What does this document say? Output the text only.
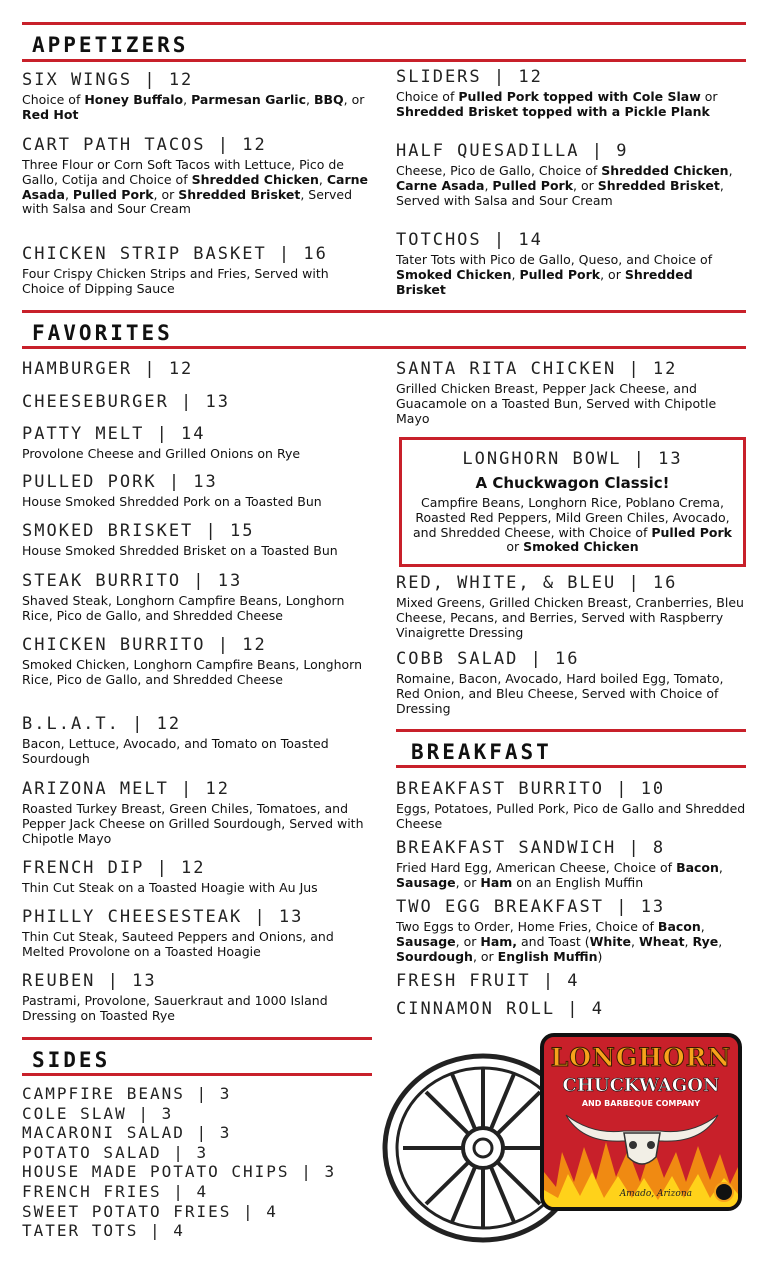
APPETIZERS
SIX WINGS | 12
Choice of Honey Buffalo, Parmesan Garlic, BBQ, or Red Hot
CART PATH TACOS | 12
Three Flour or Corn Soft Tacos with Lettuce, Pico de Gallo, Cotija and Choice of Shredded Chicken, Carne Asada, Pulled Pork, or Shredded Brisket, Served with Salsa and Sour Cream
CHICKEN STRIP BASKET | 16
Four Crispy Chicken Strips and Fries, Served with Choice of Dipping Sauce
SLIDERS | 12
Choice of Pulled Pork topped with Cole Slaw or Shredded Brisket topped with a Pickle Plank
HALF QUESADILLA | 9
Cheese, Pico de Gallo, Choice of Shredded Chicken, Carne Asada, Pulled Pork, or Shredded Brisket, Served with Salsa and Sour Cream
TOTCHOS | 14
Tater Tots with Pico de Gallo, Queso, and Choice of Smoked Chicken, Pulled Pork, or Shredded Brisket
FAVORITES
HAMBURGER | 12
CHEESEBURGER | 13
PATTY MELT | 14
Provolone Cheese and Grilled Onions on Rye
PULLED PORK | 13
House Smoked Shredded Pork on a Toasted Bun
SMOKED BRISKET | 15
House Smoked Shredded Brisket on a Toasted Bun
STEAK BURRITO | 13
Shaved Steak, Longhorn Campfire Beans, Longhorn Rice, Pico de Gallo, and Shredded Cheese
CHICKEN BURRITO | 12
Smoked Chicken, Longhorn Campfire Beans, Longhorn Rice, Pico de Gallo, and Shredded Cheese
B.L.A.T. | 12
Bacon, Lettuce, Avocado, and Tomato on Toasted Sourdough
ARIZONA MELT | 12
Roasted Turkey Breast, Green Chiles, Tomatoes, and Pepper Jack Cheese on Grilled Sourdough, Served with Chipotle Mayo
FRENCH DIP | 12
Thin Cut Steak on a Toasted Hoagie with Au Jus
PHILLY CHEESESTEAK | 13
Thin Cut Steak, Sauteed Peppers and Onions, and Melted Provolone on a Toasted Hoagie
REUBEN | 13
Pastrami, Provolone, Sauerkraut and 1000 Island Dressing on Toasted Rye
SANTA RITA CHICKEN | 12
Grilled Chicken Breast, Pepper Jack Cheese, and Guacamole on a Toasted Bun, Served with Chipotle Mayo
LONGHORN BOWL | 13
A Chuckwagon Classic!
Campfire Beans, Longhorn Rice, Poblano Crema, Roasted Red Peppers, Mild Green Chiles, Avocado, and Shredded Cheese, with Choice of Pulled Pork or Smoked Chicken
RED, WHITE, & BLEU | 16
Mixed Greens, Grilled Chicken Breast, Cranberries, Bleu Cheese, Pecans, and Berries, Served with Raspberry Vinaigrette Dressing
COBB SALAD | 16
Romaine, Bacon, Avocado, Hard boiled Egg, Tomato, Red Onion, and Bleu Cheese, Served with Choice of Dressing
BREAKFAST
BREAKFAST BURRITO | 10
Eggs, Potatoes, Pulled Pork, Pico de Gallo and Shredded Cheese
BREAKFAST SANDWICH | 8
Fried Hard Egg, American Cheese, Choice of Bacon, Sausage, or Ham on an English Muffin
TWO EGG BREAKFAST | 13
Two Eggs to Order, Home Fries, Choice of Bacon, Sausage, or Ham, and Toast (White, Wheat, Rye, Sourdough, or English Muffin)
FRESH FRUIT | 4
CINNAMON ROLL | 4
SIDES
CAMPFIRE BEANS | 3
COLE SLAW | 3
MACARONI SALAD | 3
POTATO SALAD | 3
HOUSE MADE POTATO CHIPS | 3
FRENCH FRIES | 4
SWEET POTATO FRIES | 4
TATER TOTS | 4
LONGHORN
CHUCKWAGON
AND BARBEQUE COMPANY
Amado, Arizona
